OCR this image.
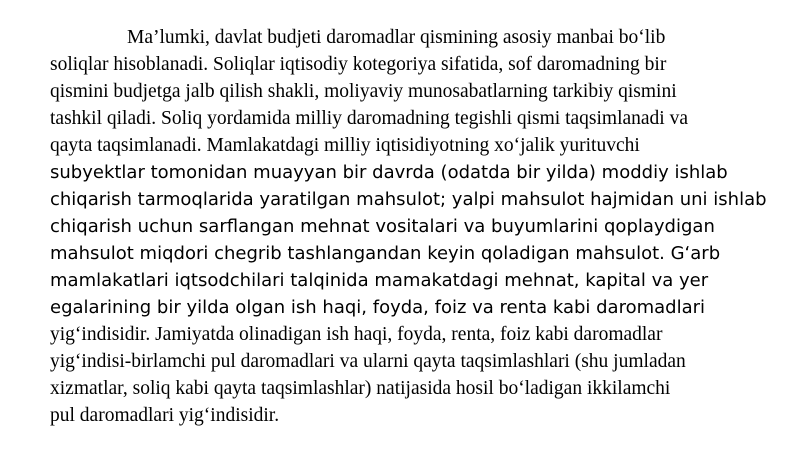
Ma’lumki, davlat budjeti daromadlar qismining asosiy manbai bo‘lib
soliqlar hisoblanadi. Soliqlar iqtisodiy kotegoriya sifatida, sof daromadning bir
qismini budjetga jalb qilish shakli, moliyaviy munosabatlarning tarkibiy qismini
tashkil qiladi. Soliq yordamida milliy daromadning tegishli qismi taqsimlanadi va
qayta taqsimlanadi. Mamlakatdagi milliy iqtisidiyotning xo‘jalik yurituvchi
subyektlar tomonidan muayyan bir davrda (odatda bir yilda) moddiy ishlab
chiqarish tarmoqlarida yaratilgan mahsulot; yalpi mahsulot hajmidan uni ishlab
chiqarish uchun sarflangan mehnat vositalari va buyumlarini qoplaydigan
mahsulot miqdori chegrib tashlangandan keyin qoladigan mahsulot. G‘arb
mamlakatlari iqtsodchilari talqinida mamakatdagi mehnat, kapital va yer
egalarining bir yilda olgan ish haqi, foyda, foiz va renta kabi daromadlari
yig‘indisidir. Jamiyatda olinadigan ish haqi, foyda, renta, foiz kabi daromadlar
yig‘indisi-birlamchi pul daromadlari va ularni qayta taqsimlashlari (shu jumladan
xizmatlar, soliq kabi qayta taqsimlashlar) natijasida hosil bo‘ladigan ikkilamchi
pul daromadlari yig‘indisidir.
